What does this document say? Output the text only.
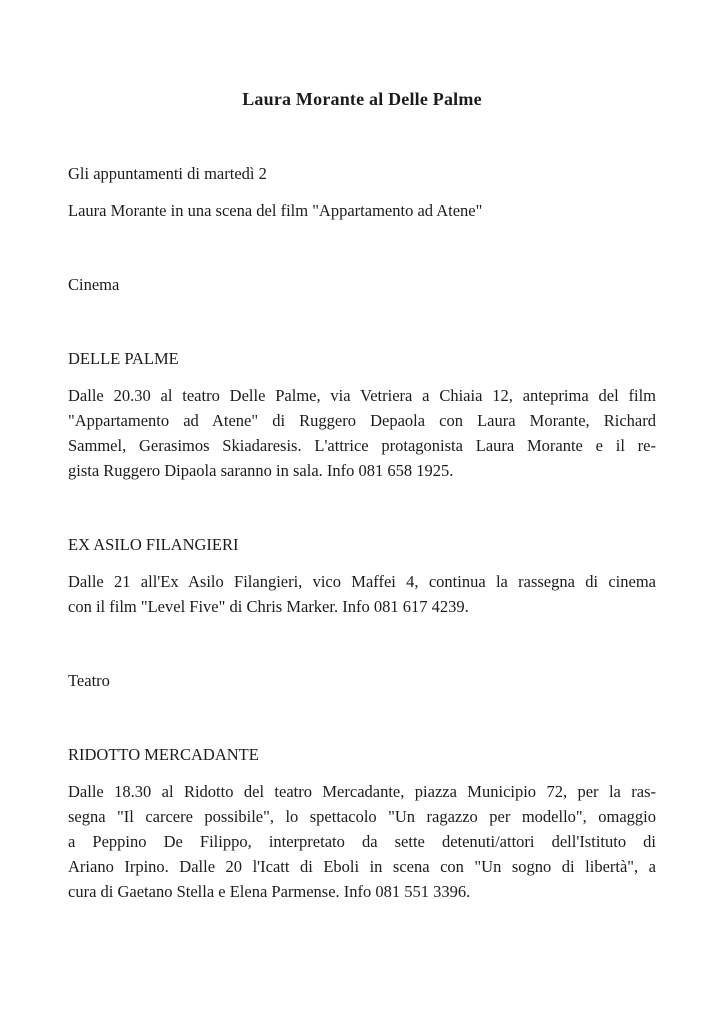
Laura Morante al Delle Palme
Gli appuntamenti di martedì 2
Laura Morante in una scena del film "Appartamento ad Atene"
Cinema
DELLE PALME
Dalle 20.30 al teatro Delle Palme, via Vetriera a Chiaia 12, anteprima del film
"Appartamento ad Atene" di Ruggero Depaola con Laura Morante, Richard
Sammel, Gerasimos Skiadaresis. L'attrice protagonista Laura Morante e il re-
gista Ruggero Dipaola saranno in sala. Info 081 658 1925.
EX ASILO FILANGIERI
Dalle 21 all'Ex Asilo Filangieri, vico Maffei 4, continua la rassegna di cinema
con il film "Level Five" di Chris Marker. Info 081 617 4239.
Teatro
RIDOTTO MERCADANTE
Dalle 18.30 al Ridotto del teatro Mercadante, piazza Municipio 72, per la ras-
segna "Il carcere possibile", lo spettacolo "Un ragazzo per modello", omaggio
a Peppino De Filippo, interpretato da sette detenuti/attori dell'Istituto di
Ariano Irpino. Dalle 20 l'Icatt di Eboli in scena con "Un sogno di libertà", a
cura di Gaetano Stella e Elena Parmense. Info 081 551 3396.
